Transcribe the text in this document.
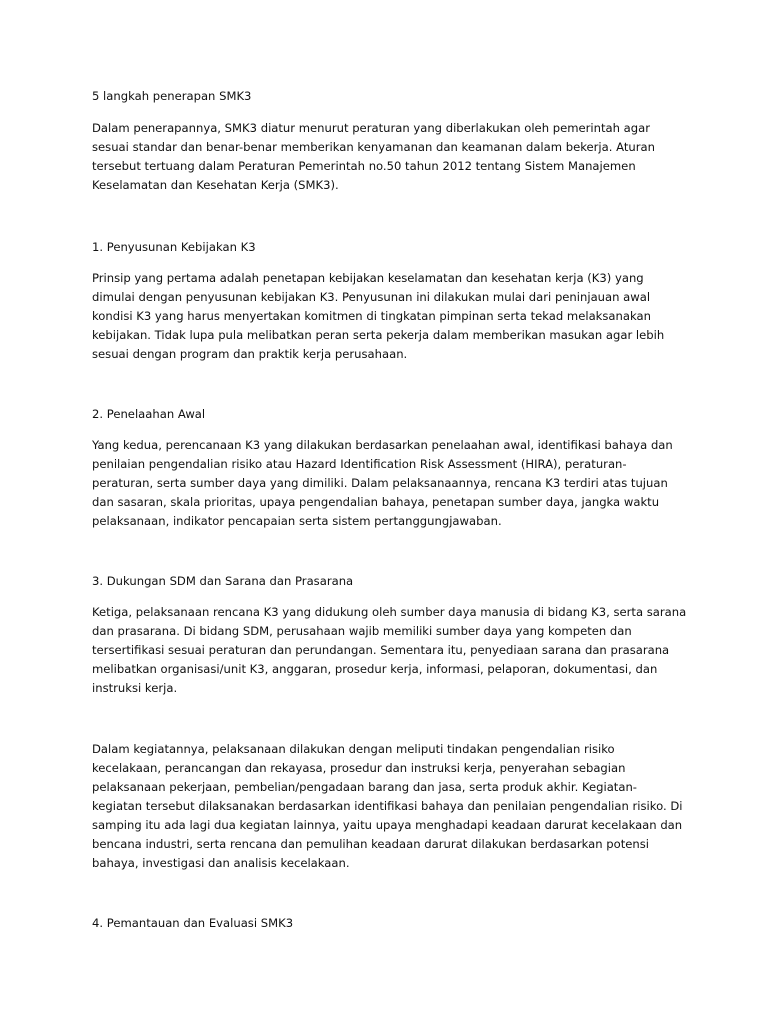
5 langkah penerapan SMK3

Dalam penerapannya, SMK3 diatur menurut peraturan yang diberlakukan oleh pemerintah agar

sesuai standar dan benar-benar memberikan kenyamanan dan keamanan dalam bekerja. Aturan

tersebut tertuang dalam Peraturan Pemerintah no.50 tahun 2012 tentang Sistem Manajemen

Keselamatan dan Kesehatan Kerja (SMK3).

1. Penyusunan Kebijakan K3

Prinsip yang pertama adalah penetapan kebijakan keselamatan dan kesehatan kerja (K3) yang

dimulai dengan penyusunan kebijakan K3. Penyusunan ini dilakukan mulai dari peninjauan awal

kondisi K3 yang harus menyertakan komitmen di tingkatan pimpinan serta tekad melaksanakan

kebijakan. Tidak lupa pula melibatkan peran serta pekerja dalam memberikan masukan agar lebih

sesuai dengan program dan praktik kerja perusahaan.

2. Penelaahan Awal

Yang kedua, perencanaan K3 yang dilakukan berdasarkan penelaahan awal, identifikasi bahaya dan

penilaian pengendalian risiko atau Hazard Identification Risk Assessment (HIRA), peraturan-

peraturan, serta sumber daya yang dimiliki. Dalam pelaksanaannya, rencana K3 terdiri atas tujuan

dan sasaran, skala prioritas, upaya pengendalian bahaya, penetapan sumber daya, jangka waktu

pelaksanaan, indikator pencapaian serta sistem pertanggungjawaban.

3. Dukungan SDM dan Sarana dan Prasarana

Ketiga, pelaksanaan rencana K3 yang didukung oleh sumber daya manusia di bidang K3, serta sarana

dan prasarana. Di bidang SDM, perusahaan wajib memiliki sumber daya yang kompeten dan

tersertifikasi sesuai peraturan dan perundangan. Sementara itu, penyediaan sarana dan prasarana

melibatkan organisasi/unit K3, anggaran, prosedur kerja, informasi, pelaporan, dokumentasi, dan

instruksi kerja.

Dalam kegiatannya, pelaksanaan dilakukan dengan meliputi tindakan pengendalian risiko

kecelakaan, perancangan dan rekayasa, prosedur dan instruksi kerja, penyerahan sebagian

pelaksanaan pekerjaan, pembelian/pengadaan barang dan jasa, serta produk akhir. Kegiatan-

kegiatan tersebut dilaksanakan berdasarkan identifikasi bahaya dan penilaian pengendalian risiko. Di

samping itu ada lagi dua kegiatan lainnya, yaitu upaya menghadapi keadaan darurat kecelakaan dan

bencana industri, serta rencana dan pemulihan keadaan darurat dilakukan berdasarkan potensi

bahaya, investigasi dan analisis kecelakaan.

4. Pemantauan dan Evaluasi SMK3
